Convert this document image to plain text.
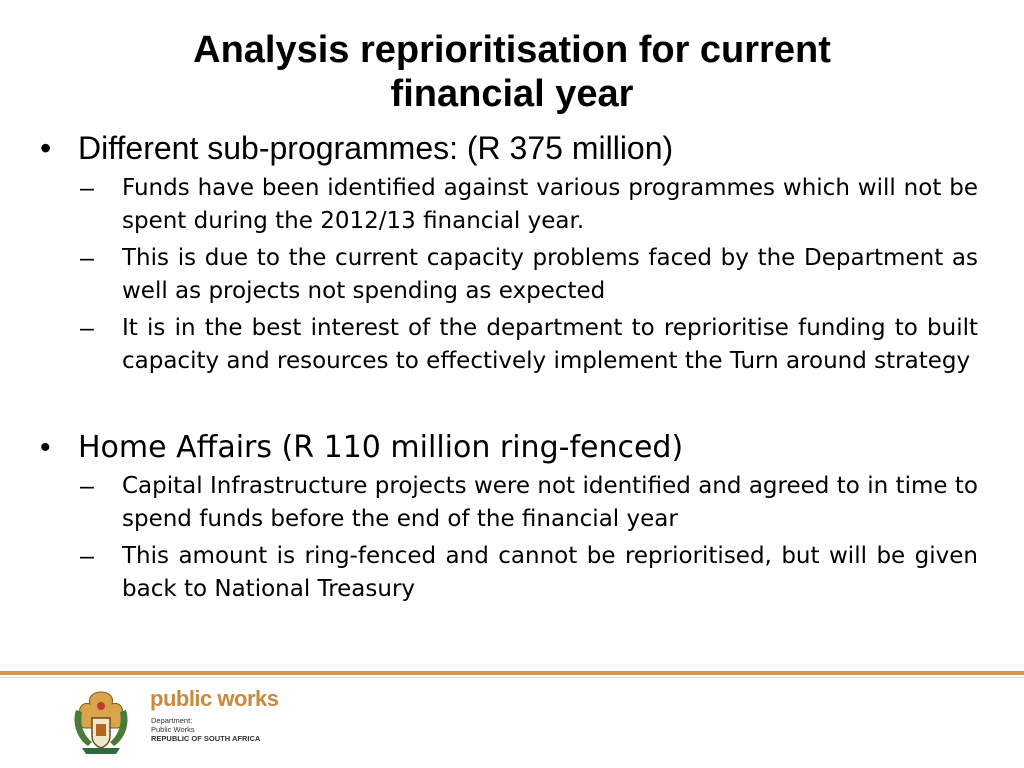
Analysis reprioritisation for current
financial year
• Different sub-programmes: (R 375 million)
–	Funds have been identified against various programmes which will not be spent during the 2012/13 financial year.
–	This is due to the current capacity problems faced by the Department as well as projects not spending as expected
–	It is in the best interest of the department to reprioritise funding to built capacity and resources to effectively implement the Turn around strategy
• Home Affairs (R 110 million ring-fenced)
–	Capital Infrastructure projects were not identified and agreed to in time to spend funds before the end of the financial year
–	This amount is ring-fenced and cannot be reprioritised, but will be given back to National Treasury
public works
Department:
Public Works
REPUBLIC OF SOUTH AFRICA
